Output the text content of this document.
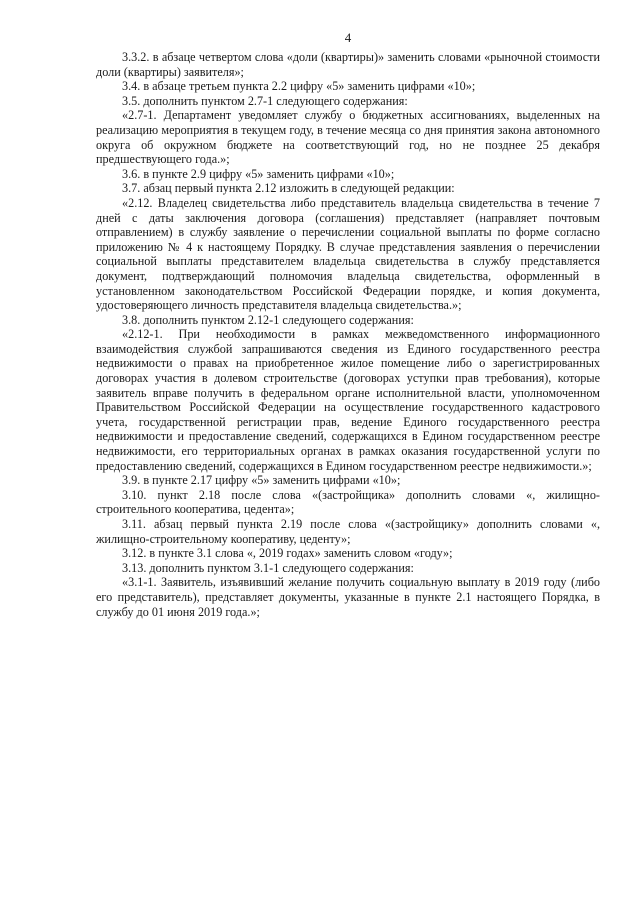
4

3.3.2. в абзаце четвертом слова «доли (квартиры)» заменить словами «рыночной стоимости доли (квартиры) заявителя»;

3.4. в абзаце третьем пункта 2.2 цифру «5» заменить цифрами «10»;

3.5. дополнить пунктом 2.7-1 следующего содержания:

«2.7-1. Департамент уведомляет службу о бюджетных ассигнованиях, выделенных на реализацию мероприятия в текущем году, в течение месяца со дня принятия закона автономного округа об окружном бюджете на соответствующий год, но не позднее 25 декабря предшествующего года.»;

3.6. в пункте 2.9 цифру «5» заменить цифрами «10»;

3.7. абзац первый пункта 2.12 изложить в следующей редакции:

«2.12. Владелец свидетельства либо представитель владельца свидетельства в течение 7 дней с даты заключения договора (соглашения) представляет (направляет почтовым отправлением) в службу заявление о перечислении социальной выплаты по форме согласно приложению № 4 к настоящему Порядку. В случае представления заявления о перечислении социальной выплаты представителем владельца свидетельства в службу представляется документ, подтверждающий полномочия владельца свидетельства, оформленный в установленном законодательством Российской Федерации порядке, и копия документа, удостоверяющего личность представителя владельца свидетельства.»;

3.8. дополнить пунктом 2.12-1 следующего содержания:

«2.12-1. При необходимости в рамках межведомственного информационного взаимодействия службой запрашиваются сведения из Единого государственного реестра недвижимости о правах на приобретенное жилое помещение либо о зарегистрированных договорах участия в долевом строительстве (договорах уступки прав требования), которые заявитель вправе получить в федеральном органе исполнительной власти, уполномоченном Правительством Российской Федерации на осуществление государственного кадастрового учета, государственной регистрации прав, ведение Единого государственного реестра недвижимости и предоставление сведений, содержащихся в Едином государственном реестре недвижимости, его территориальных органах в рамках оказания государственной услуги по предоставлению сведений, содержащихся в Едином государственном реестре недвижимости.»;

3.9. в пункте 2.17 цифру «5» заменить цифрами «10»;

3.10. пункт 2.18 после слова «(застройщика» дополнить словами «, жилищно-строительного кооператива, цедента»;

3.11. абзац первый пункта 2.19 после слова «(застройщику» дополнить словами «, жилищно-строительному кооперативу, цеденту»;

3.12. в пункте 3.1 слова «, 2019 годах» заменить словом «году»;

3.13. дополнить пунктом 3.1-1 следующего содержания:

«3.1-1. Заявитель, изъявивший желание получить социальную выплату в 2019 году (либо его представитель), представляет документы, указанные в пункте 2.1 настоящего Порядка, в службу до 01 июня 2019 года.»;
